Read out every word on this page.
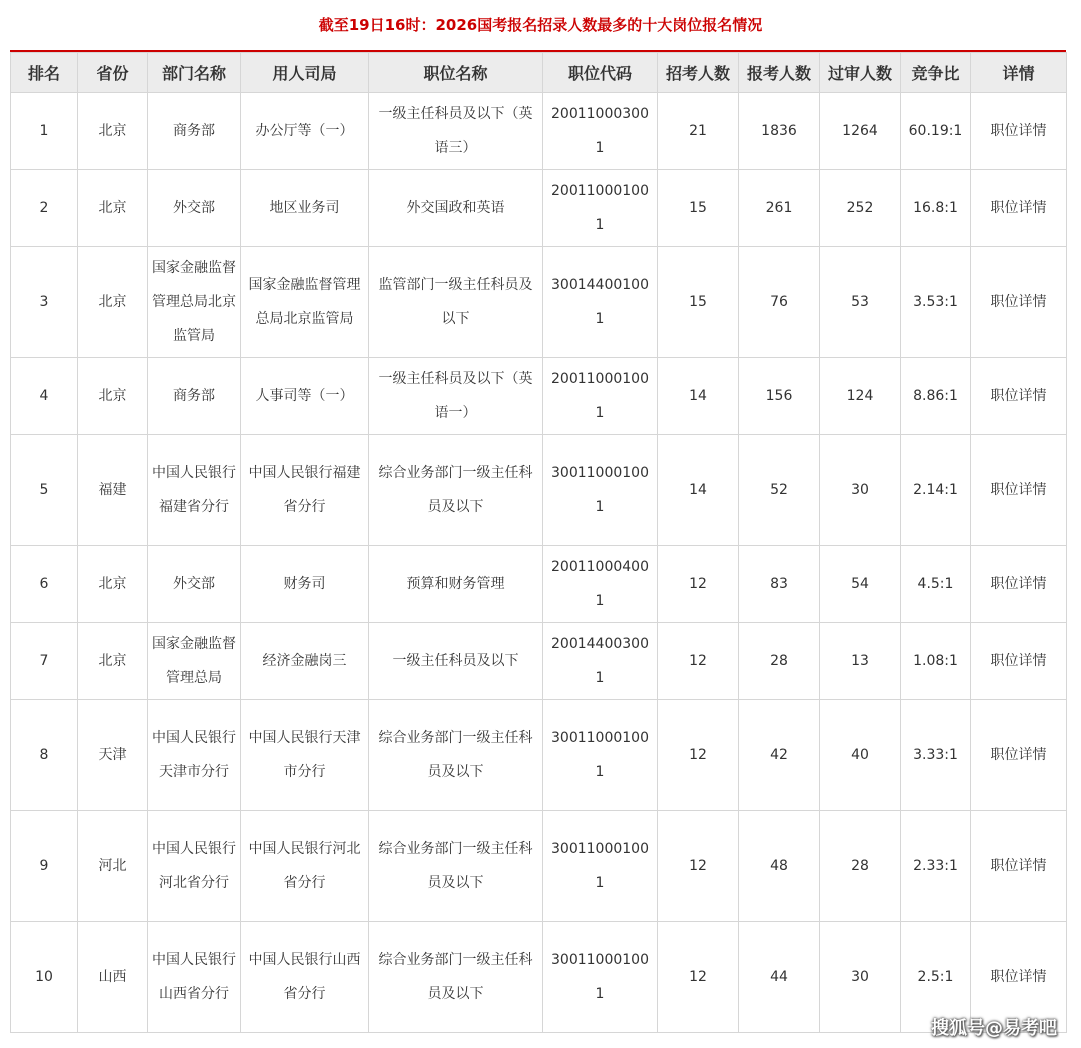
截至19日16时：2026国考报名招录人数最多的十大岗位报名情况
排名	省份	部门名称	用人司局	职位名称	职位代码	招考人数	报考人数	过审人数	竞争比	详情
1	北京	商务部	办公厅等（一）	一级主任科员及以下（英语三）	200110003001	21	1836	1264	60.19:1	职位详情
2	北京	外交部	地区业务司	外交国政和英语	200110001001	15	261	252	16.8:1	职位详情
3	北京	国家金融监督管理总局北京监管局	国家金融监督管理总局北京监管局	监管部门一级主任科员及以下	300144001001	15	76	53	3.53:1	职位详情
4	北京	商务部	人事司等（一）	一级主任科员及以下（英语一）	200110001001	14	156	124	8.86:1	职位详情
5	福建	中国人民银行福建省分行	中国人民银行福建省分行	综合业务部门一级主任科员及以下	300110001001	14	52	30	2.14:1	职位详情
6	北京	外交部	财务司	预算和财务管理	200110004001	12	83	54	4.5:1	职位详情
7	北京	国家金融监督管理总局	经济金融岗三	一级主任科员及以下	200144003001	12	28	13	1.08:1	职位详情
8	天津	中国人民银行天津市分行	中国人民银行天津市分行	综合业务部门一级主任科员及以下	300110001001	12	42	40	3.33:1	职位详情
9	河北	中国人民银行河北省分行	中国人民银行河北省分行	综合业务部门一级主任科员及以下	300110001001	12	48	28	2.33:1	职位详情
10	山西	中国人民银行山西省分行	中国人民银行山西省分行	综合业务部门一级主任科员及以下	300110001001	12	44	30	2.5:1	职位详情
搜狐号@易考吧
